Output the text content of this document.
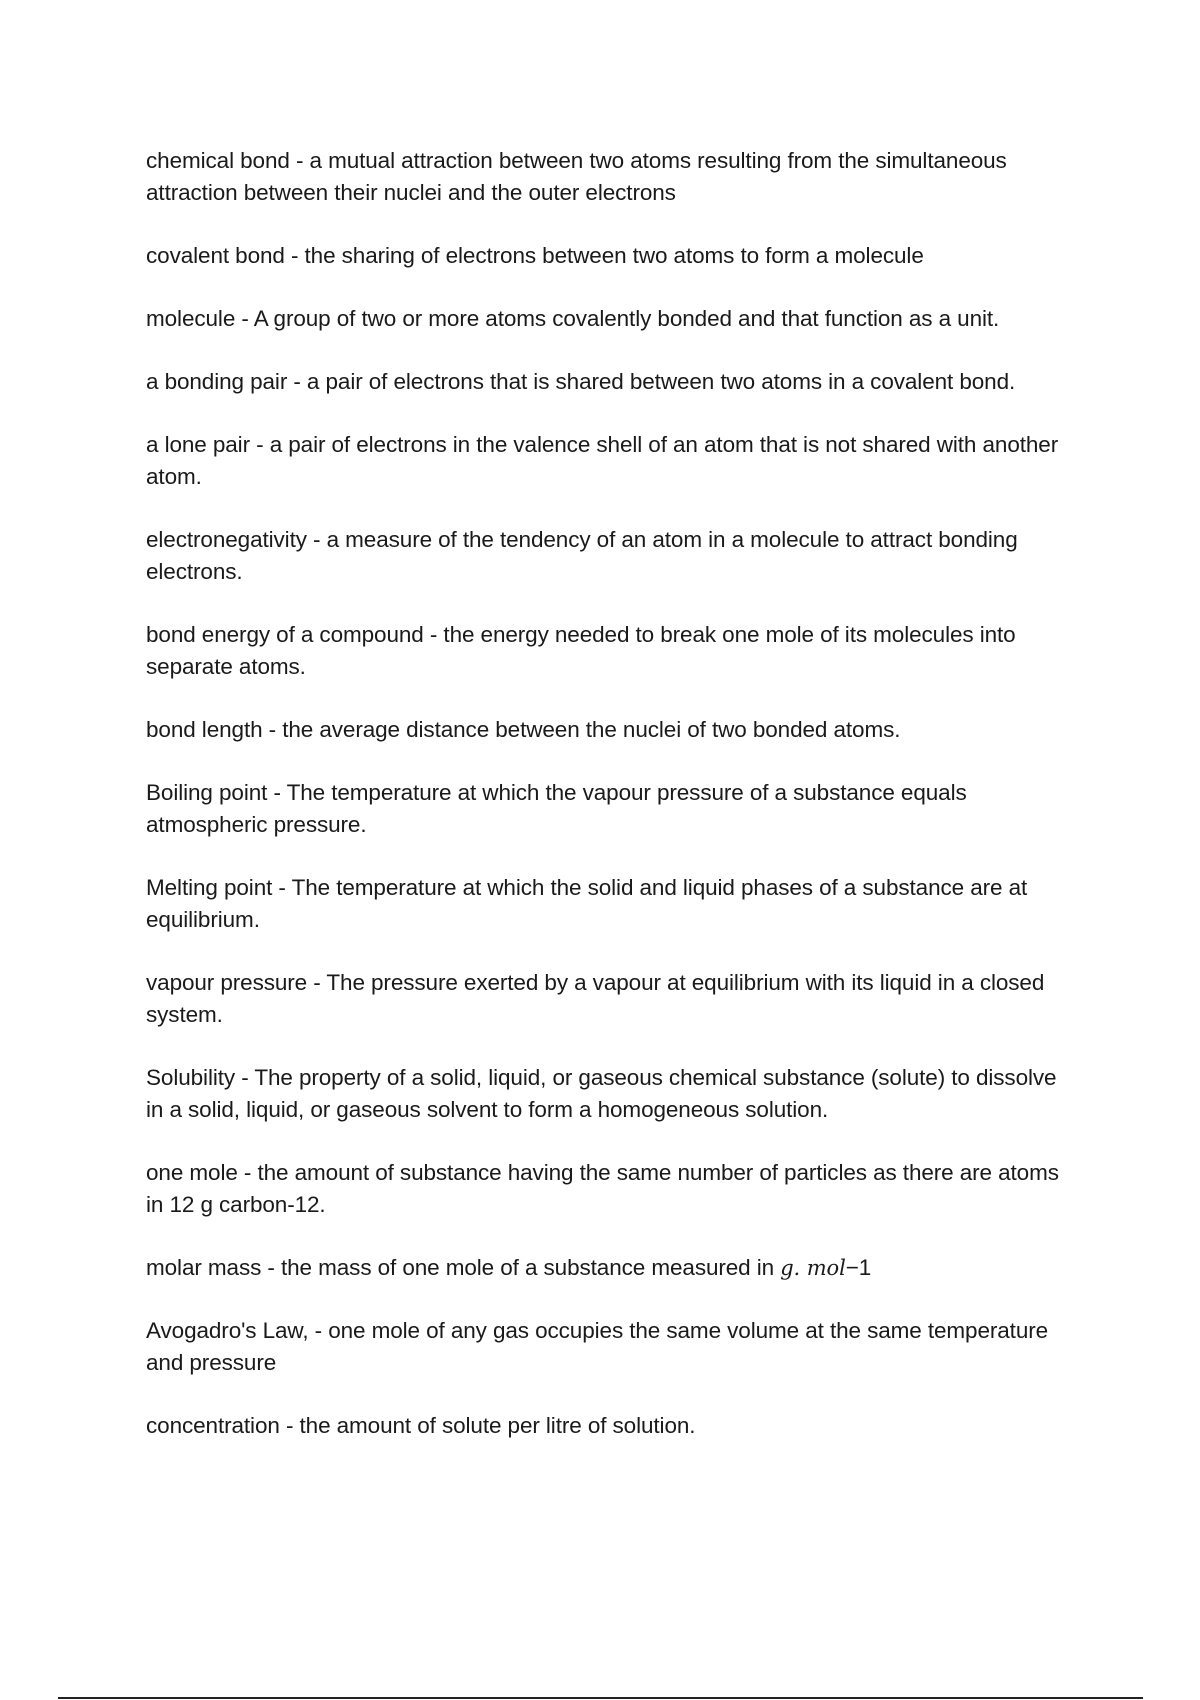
chemical bond - a mutual attraction between two atoms resulting from the simultaneous attraction between their nuclei and the outer electrons

covalent bond - the sharing of electrons between two atoms to form a molecule

molecule - A group of two or more atoms covalently bonded and that function as a unit.

a bonding pair - a pair of electrons that is shared between two atoms in a covalent bond.

a lone pair - a pair of electrons in the valence shell of an atom that is not shared with another atom.

electronegativity - a measure of the tendency of an atom in a molecule to attract bonding electrons.

bond energy of a compound - the energy needed to break one mole of its molecules into separate atoms.

bond length - the average distance between the nuclei of two bonded atoms.

Boiling point - The temperature at which the vapour pressure of a substance equals atmospheric pressure.

Melting point - The temperature at which the solid and liquid phases of a substance are at equilibrium.

vapour pressure - The pressure exerted by a vapour at equilibrium with its liquid in a closed system.

Solubility - The property of a solid, liquid, or gaseous chemical substance (solute) to dissolve in a solid, liquid, or gaseous solvent to form a homogeneous solution.

one mole - the amount of substance having the same number of particles as there are atoms in 12 g carbon-12.

molar mass - the mass of one mole of a substance measured in g. mol−1

Avogadro's Law, - one mole of any gas occupies the same volume at the same temperature and pressure

concentration - the amount of solute per litre of solution.
